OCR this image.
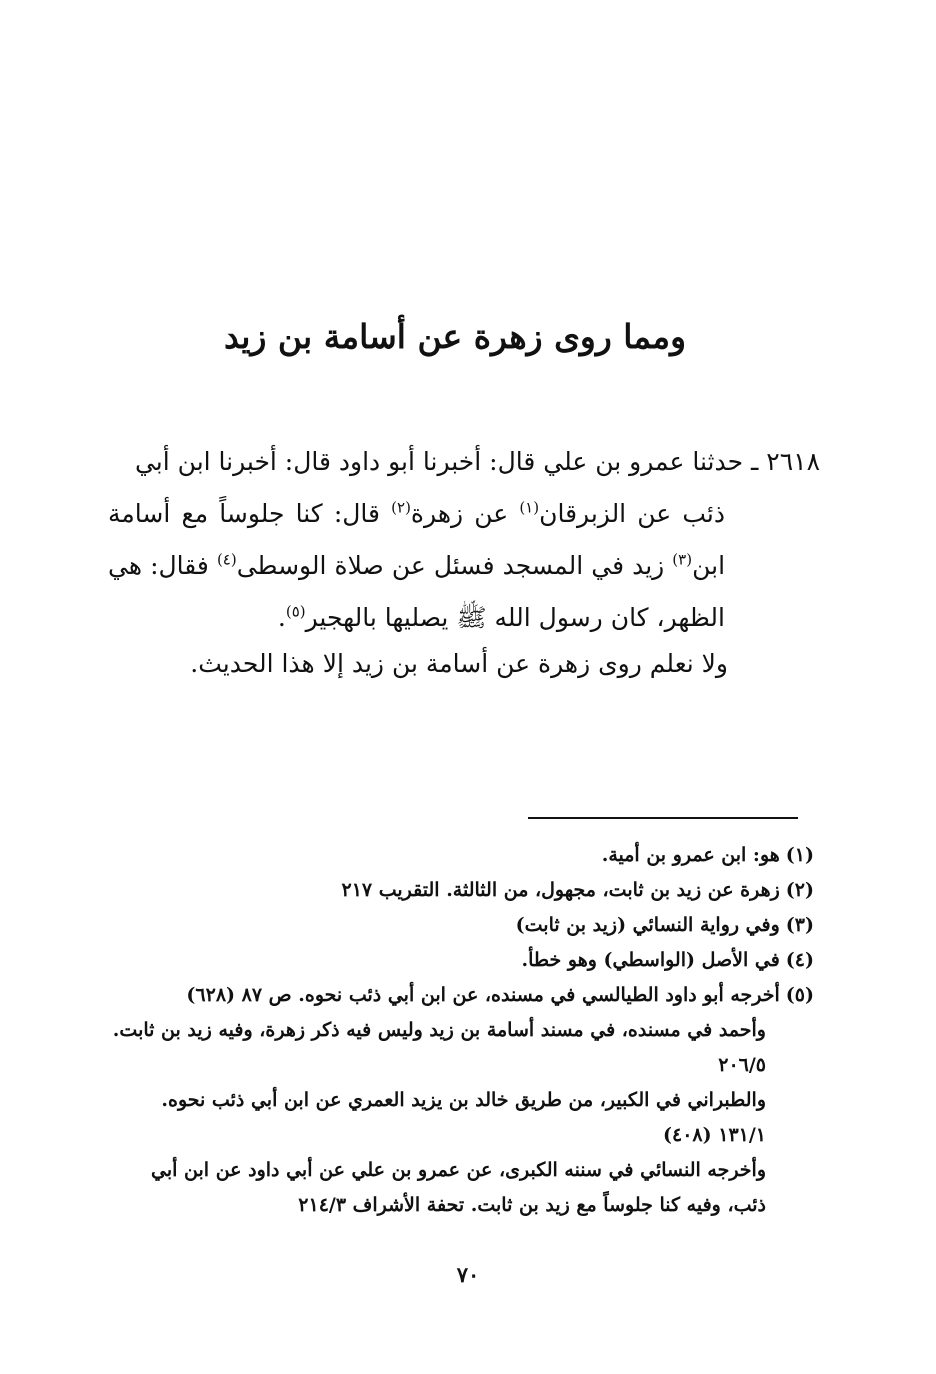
ومما روى زهرة عن أسامة بن زيد
٢٦١٨ ـ حدثنا عمرو بن علي قال: أخبرنا أبو داود قال: أخبرنا ابن أبي
ذئب عن الزبرقان$^{(١)}$ عن زهرة$^{(٢)}$ قال: كنا جلوساً مع أسامة ابن$^{(٣)}$ زيد في المسجد فسئل عن صلاة الوسطى$^{(٤)}$ فقال: هي الظهر، كان رسول الله ﷺ يصليها بالهجير$^{(٥)}$.
ولا نعلم روى زهرة عن أسامة بن زيد إلا هذا الحديث.
(١)هو: ابن عمرو بن أمية.
(٢)زهرة عن زيد بن ثابت، مجهول، من الثالثة. التقريب ٢١٧
(٣)وفي رواية النسائي (زيد بن ثابت)
(٤)في الأصل (الواسطي) وهو خطأ.
(٥)أخرجه أبو داود الطيالسي في مسنده، عن ابن أبي ذئب نحوه. ص ٨٧ (٦٢٨)
وأحمد في مسنده، في مسند أسامة بن زيد وليس فيه ذكر زهرة، وفيه زيد بن ثابت.
٢٠٦/٥
والطبراني في الكبير، من طريق خالد بن يزيد العمري عن ابن أبي ذئب نحوه.
١٣١/١ (٤٠٨)
وأخرجه النسائي في سننه الكبرى، عن عمرو بن علي عن أبي داود عن ابن أبي
ذئب، وفيه كنا جلوساً مع زيد بن ثابت. تحفة الأشراف ٢١٤/٣
٧٠
